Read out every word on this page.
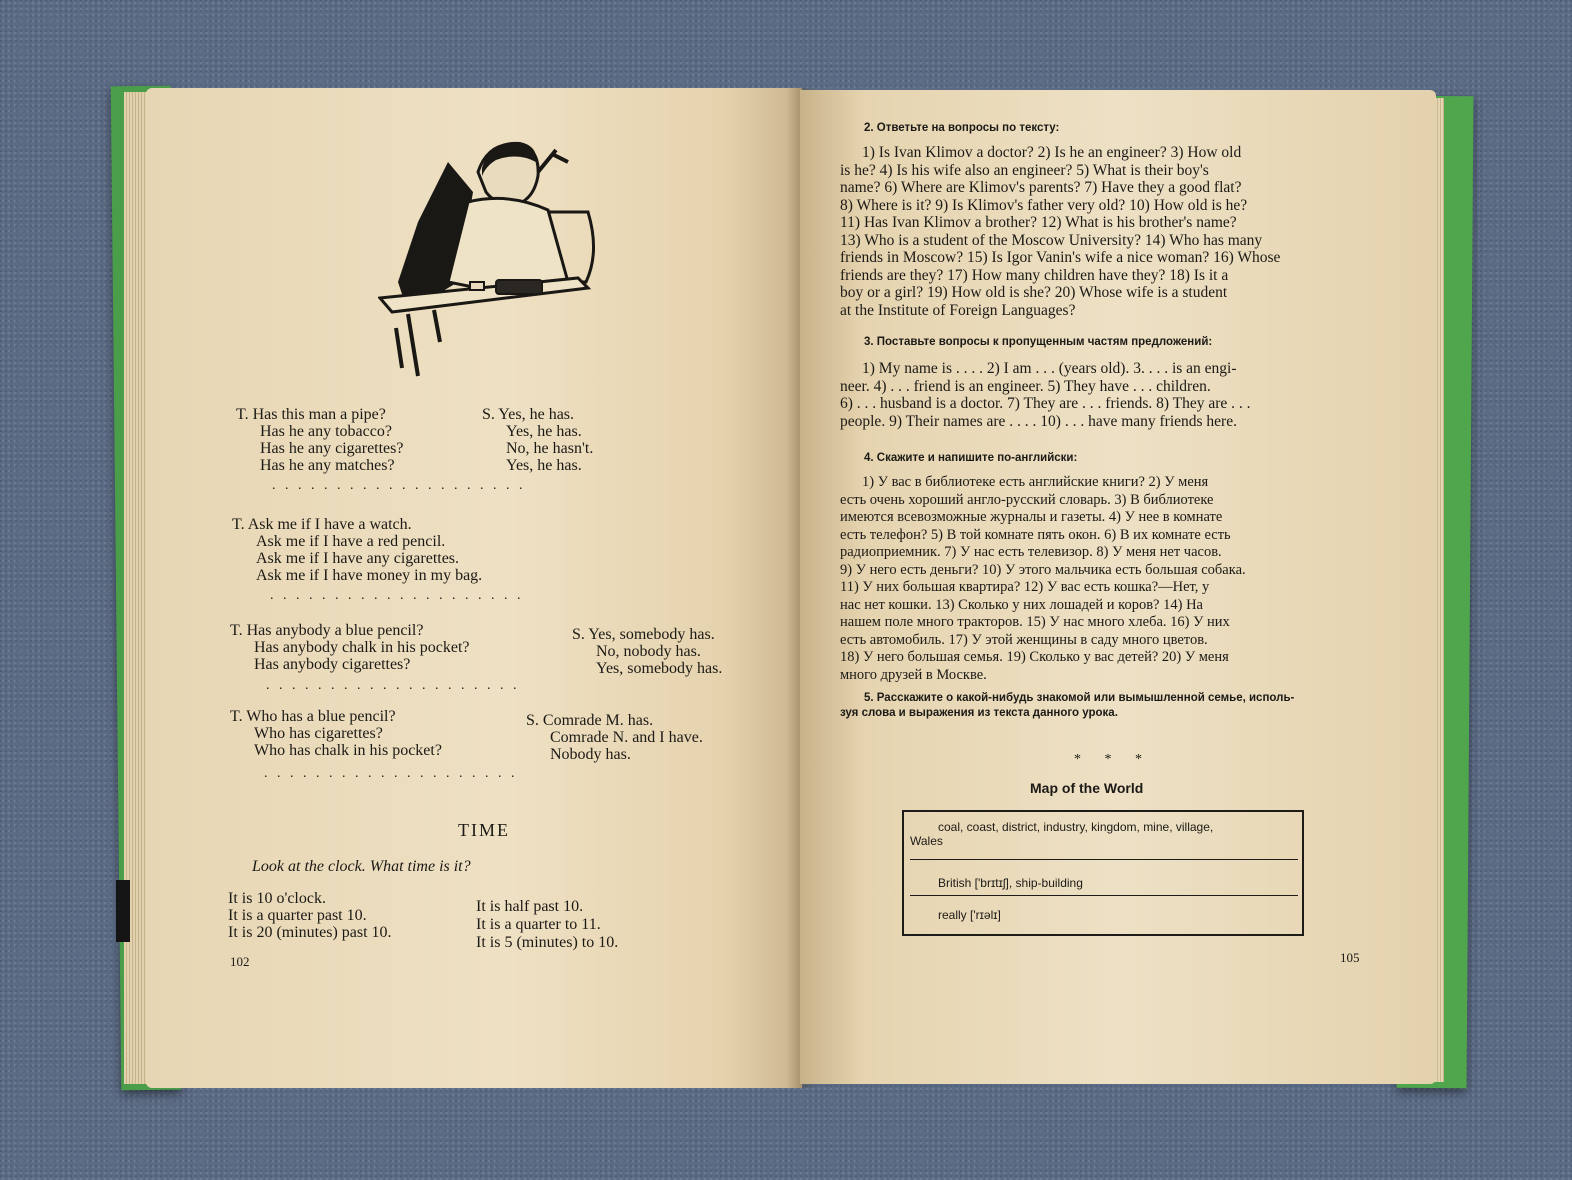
T. Has this man a pipe?
Has he any tobacco?
Has he any cigarettes?
Has he any matches?
S. Yes, he has.
Yes, he has.
No, he hasn't.
Yes, he has.
. . . . . . . . . . . . . . . . . . . .
T. Ask me if I have a watch.
Ask me if I have a red pencil.
Ask me if I have any cigarettes.
Ask me if I have money in my bag.
. . . . . . . . . . . . . . . . . . . .
T. Has anybody a blue pencil?
Has anybody chalk in his pocket?
Has anybody cigarettes?
S. Yes, somebody has.
No, nobody has.
Yes, somebody has.
. . . . . . . . . . . . . . . . . . . .
T. Who has a blue pencil?
Who has cigarettes?
Who has chalk in his pocket?
S. Comrade M. has.
Comrade N. and I have.
Nobody has.
. . . . . . . . . . . . . . . . . . . .
TIME
Look at the clock. What time is it?
It is 10 o'clock.
It is a quarter past 10.
It is 20 (minutes) past 10.
It is half past 10.
It is a quarter to 11.
It is 5 (minutes) to 10.
102
2. Ответьте на вопросы по тексту:
1) Is Ivan Klimov a doctor? 2) Is he an engineer? 3) How old
is he? 4) Is his wife also an engineer? 5) What is their boy's
name? 6) Where are Klimov's parents? 7) Have they a good flat?
8) Where is it? 9) Is Klimov's father very old? 10) How old is he?
11) Has Ivan Klimov a brother? 12) What is his brother's name?
13) Who is a student of the Moscow University? 14) Who has many
friends in Moscow? 15) Is Igor Vanin's wife a nice woman? 16) Whose
friends are they? 17) How many children have they? 18) Is it a
boy or a girl? 19) How old is she? 20) Whose wife is a student
at the Institute of Foreign Languages?
3. Поставьте вопросы к пропущенным частям предложений:
1) My name is . . . . 2) I am . . . (years old). 3. . . . is an engi-
neer. 4) . . . friend is an engineer. 5) They have . . . children.
6) . . . husband is a doctor. 7) They are . . . friends. 8) They are . . .
people. 9) Their names are . . . . 10) . . . have many friends here.
4. Скажите и напишите по-английски:
1) У вас в библиотеке есть английские книги? 2) У меня
есть очень хороший англо-русский словарь. 3) В библиотеке
имеются всевозможные журналы и газеты. 4) У нее в комнате
есть телефон? 5) В той комнате пять окон. 6) В их комнате есть
радиоприемник. 7) У нас есть телевизор. 8) У меня нет часов.
9) У него есть деньги? 10) У этого мальчика есть большая собака.
11) У них большая квартира? 12) У вас есть кошка?—Нет, у
нас нет кошки. 13) Сколько у них лошадей и коров? 14) На
нашем поле много тракторов. 15) У нас много хлеба. 16) У них
есть автомобиль. 17) У этой женщины в саду много цветов.
18) У него большая семья. 19) Сколько у вас детей? 20) У меня
много друзей в Москве.
5. Расскажите о какой-нибудь знакомой или вымышленной семье, исполь-
зуя слова и выражения из текста данного урока.
* * *
Map of the World
coal, coast, district, industry, kingdom, mine, village,
Wales
British ['brɪtɪʃ], ship-building
really ['rɪəlɪ]
105
